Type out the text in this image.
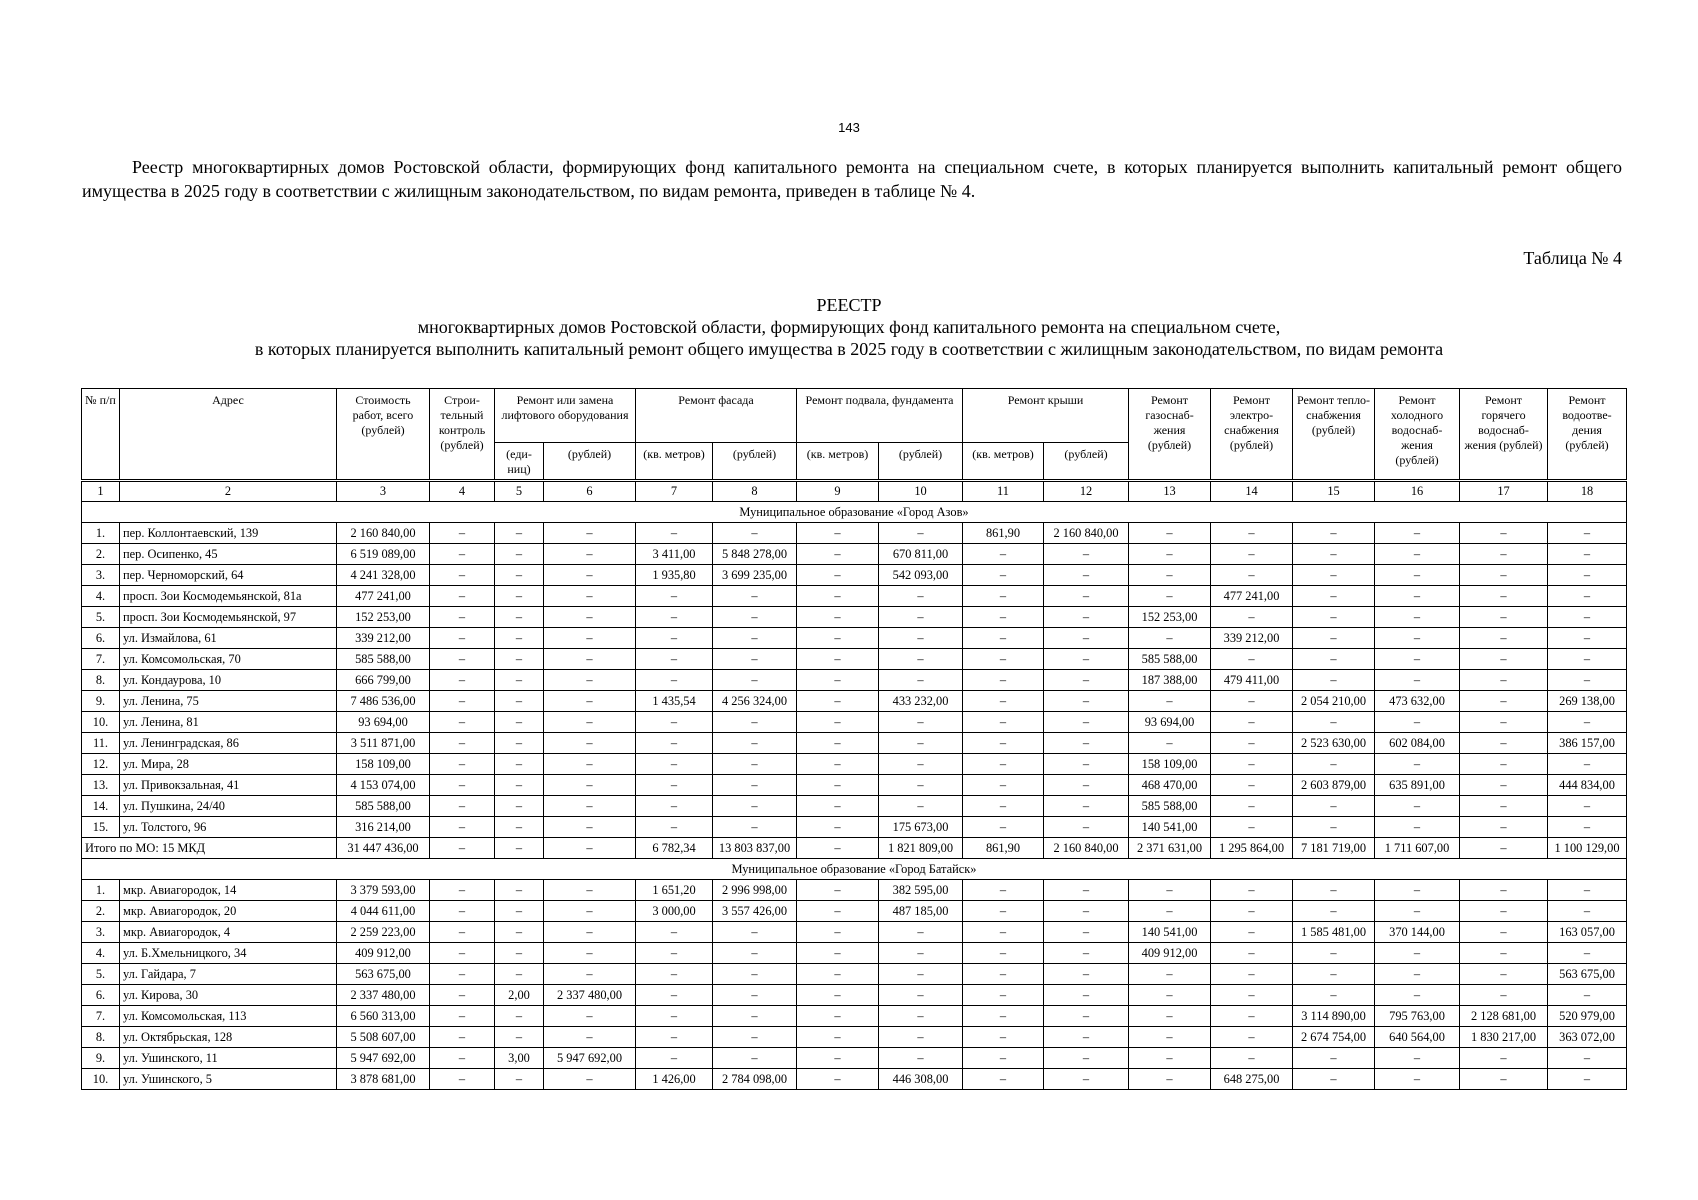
143
Реестр многоквартирных домов Ростовской области, формирующих фонд капитального ремонта на специальном счете, в которых планируется выполнить капитальный ремонт общего имущества в 2025 году в соответствии с жилищным законодательством, по видам ремонта, приведен в таблице № 4.
Таблица № 4
РЕЕСТР
многоквартирных домов Ростовской области, формирующих фонд капитального ремонта на специальном счете,
в которых планируется выполнить капитальный ремонт общего имущества в 2025 году в соответствии с жилищным законодательством, по видам ремонта
№ п/п	Адрес	Стоимость работ, всего (рублей)	Строи-тельный контроль (рублей)	Ремонт или замена лифтового оборудования		Ремонт фасада		Ремонт подвала, фундамента		Ремонт крыши		Ремонт газоснаб-жения (рублей)	Ремонт электро-снабжения (рублей)	Ремонт тепло-снабжения (рублей)	Ремонт холодного водоснаб-жения (рублей)	Ремонт горячего водоснаб-жения (рублей)	Ремонт водоотве-дения (рублей)
				(еди-ниц)	(рублей)	(кв. метров)	(рублей)	(кв. метров)	(рублей)	(кв. метров)	(рублей)						
1	2	3	4	5	6	7	8	9	10	11	12	13	14	15	16	17	18
Муниципальное образование «Город Азов»																	
1.	пер. Коллонтаевский, 139	2 160 840,00	–	–	–	–	–	–	–	861,90	2 160 840,00	–	–	–	–	–	–
2.	пер. Осипенко, 45	6 519 089,00	–	–	–	3 411,00	5 848 278,00	–	670 811,00	–	–	–	–	–	–	–	–
3.	пер. Черноморский, 64	4 241 328,00	–	–	–	1 935,80	3 699 235,00	–	542 093,00	–	–	–	–	–	–	–	–
4.	просп. Зои Космодемьянской, 81а	477 241,00	–	–	–	–	–	–	–	–	–	–	477 241,00	–	–	–	–
5.	просп. Зои Космодемьянской, 97	152 253,00	–	–	–	–	–	–	–	–	–	152 253,00	–	–	–	–	–
6.	ул. Измайлова, 61	339 212,00	–	–	–	–	–	–	–	–	–	–	339 212,00	–	–	–	–
7.	ул. Комсомольская, 70	585 588,00	–	–	–	–	–	–	–	–	–	585 588,00	–	–	–	–	–
8.	ул. Кондаурова, 10	666 799,00	–	–	–	–	–	–	–	–	–	187 388,00	479 411,00	–	–	–	–
9.	ул. Ленина, 75	7 486 536,00	–	–	–	1 435,54	4 256 324,00	–	433 232,00	–	–	–	–	2 054 210,00	473 632,00	–	269 138,00
10.	ул. Ленина, 81	93 694,00	–	–	–	–	–	–	–	–	–	93 694,00	–	–	–	–	–
11.	ул. Ленинградская, 86	3 511 871,00	–	–	–	–	–	–	–	–	–	–	–	2 523 630,00	602 084,00	–	386 157,00
12.	ул. Мира, 28	158 109,00	–	–	–	–	–	–	–	–	–	158 109,00	–	–	–	–	–
13.	ул. Привокзальная, 41	4 153 074,00	–	–	–	–	–	–	–	–	–	468 470,00	–	2 603 879,00	635 891,00	–	444 834,00
14.	ул. Пушкина, 24/40	585 588,00	–	–	–	–	–	–	–	–	–	585 588,00	–	–	–	–	–
15.	ул. Толстого, 96	316 214,00	–	–	–	–	–	–	175 673,00	–	–	140 541,00	–	–	–	–	–
Итого по МО: 15 МКД		31 447 436,00	–	–	–	6 782,34	13 803 837,00	–	1 821 809,00	861,90	2 160 840,00	2 371 631,00	1 295 864,00	7 181 719,00	1 711 607,00	–	1 100 129,00
Муниципальное образование «Город Батайск»																	
1.	мкр. Авиагородок, 14	3 379 593,00	–	–	–	1 651,20	2 996 998,00	–	382 595,00	–	–	–	–	–	–	–	–
2.	мкр. Авиагородок, 20	4 044 611,00	–	–	–	3 000,00	3 557 426,00	–	487 185,00	–	–	–	–	–	–	–	–
3.	мкр. Авиагородок, 4	2 259 223,00	–	–	–	–	–	–	–	–	–	140 541,00	–	1 585 481,00	370 144,00	–	163 057,00
4.	ул. Б.Хмельницкого, 34	409 912,00	–	–	–	–	–	–	–	–	–	409 912,00	–	–	–	–	–
5.	ул. Гайдара, 7	563 675,00	–	–	–	–	–	–	–	–	–	–	–	–	–	–	563 675,00
6.	ул. Кирова, 30	2 337 480,00	–	2,00	2 337 480,00	–	–	–	–	–	–	–	–	–	–	–	–
7.	ул. Комсомольская, 113	6 560 313,00	–	–	–	–	–	–	–	–	–	–	–	3 114 890,00	795 763,00	2 128 681,00	520 979,00
8.	ул. Октябрьская, 128	5 508 607,00	–	–	–	–	–	–	–	–	–	–	–	2 674 754,00	640 564,00	1 830 217,00	363 072,00
9.	ул. Ушинского, 11	5 947 692,00	–	3,00	5 947 692,00	–	–	–	–	–	–	–	–	–	–	–	–
10.	ул. Ушинского, 5	3 878 681,00	–	–	–	1 426,00	2 784 098,00	–	446 308,00	–	–	–	648 275,00	–	–	–	–
